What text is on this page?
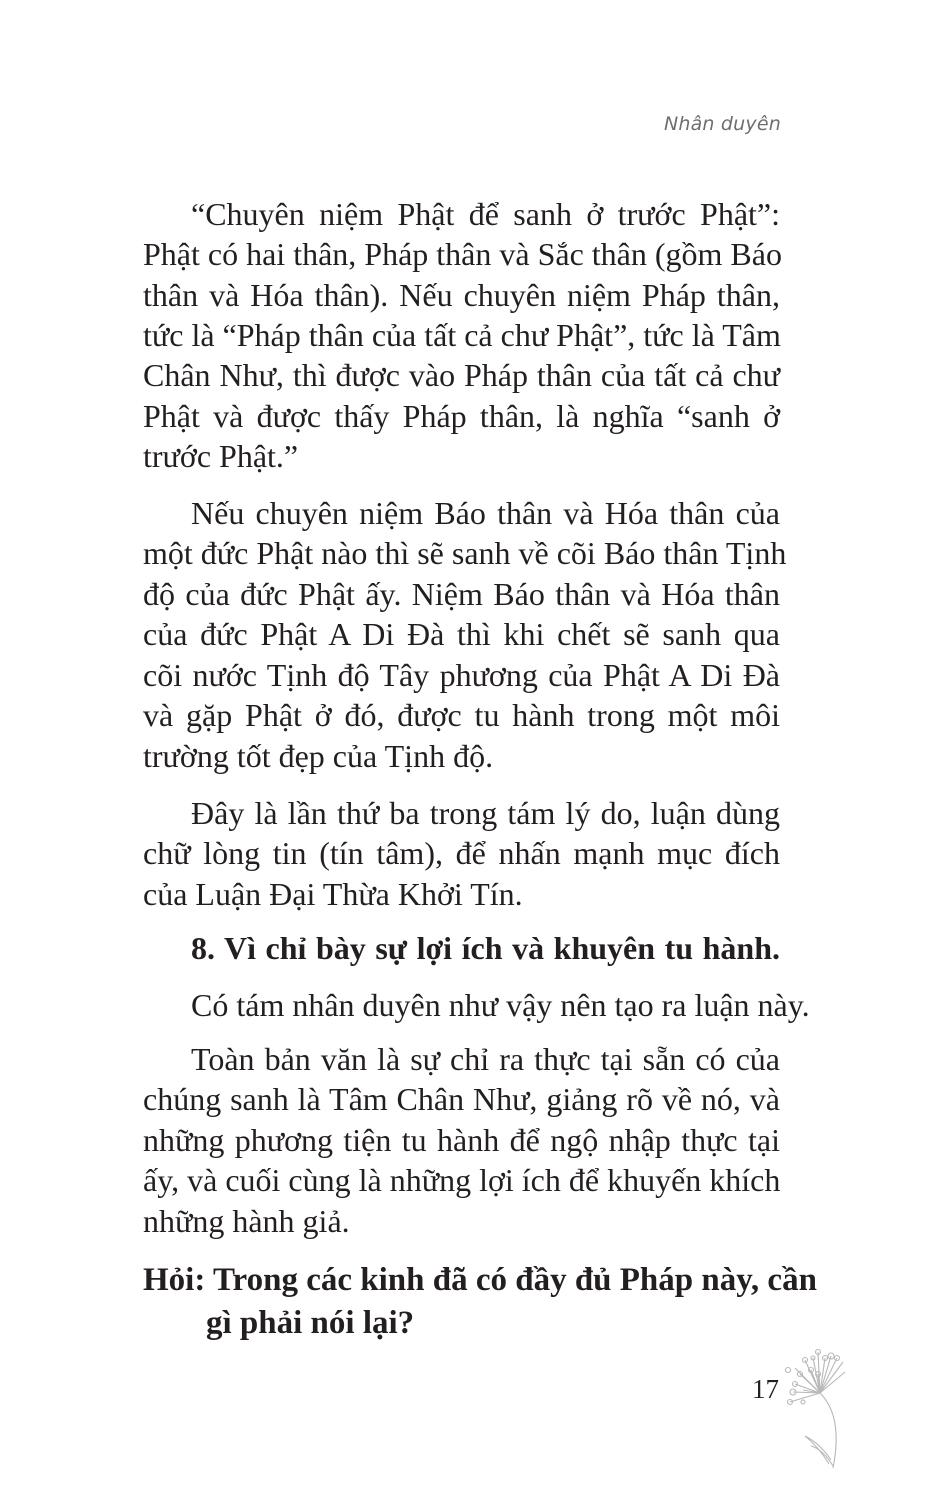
Nhân duyên
“Chuyên niệm Phật để sanh ở trước Phật”:
Phật có hai thân, Pháp thân và Sắc thân (gồm Báo
thân và Hóa thân). Nếu chuyên niệm Pháp thân,
tức là “Pháp thân của tất cả chư Phật”, tức là Tâm
Chân Như, thì được vào Pháp thân của tất cả chư
Phật và được thấy Pháp thân, là nghĩa “sanh ở
trước Phật.”
Nếu chuyên niệm Báo thân và Hóa thân của
một đức Phật nào thì sẽ sanh về cõi Báo thân Tịnh
độ của đức Phật ấy. Niệm Báo thân và Hóa thân
của đức Phật A Di Đà thì khi chết sẽ sanh qua
cõi nước Tịnh độ Tây phương của Phật A Di Đà
và gặp Phật ở đó, được tu hành trong một môi
trường tốt đẹp của Tịnh độ.
Đây là lần thứ ba trong tám lý do, luận dùng
chữ lòng tin (tín tâm), để nhấn mạnh mục đích
của Luận Đại Thừa Khởi Tín.
8. Vì chỉ bày sự lợi ích và khuyên tu hành.
Có tám nhân duyên như vậy nên tạo ra luận này.
Toàn bản văn là sự chỉ ra thực tại sẵn có của
chúng sanh là Tâm Chân Như, giảng rõ về nó, và
những phương tiện tu hành để ngộ nhập thực tại
ấy, và cuối cùng là những lợi ích để khuyến khích
những hành giả.
Hỏi: Trong các kinh đã có đầy đủ Pháp này, cần
gì phải nói lại?
17
